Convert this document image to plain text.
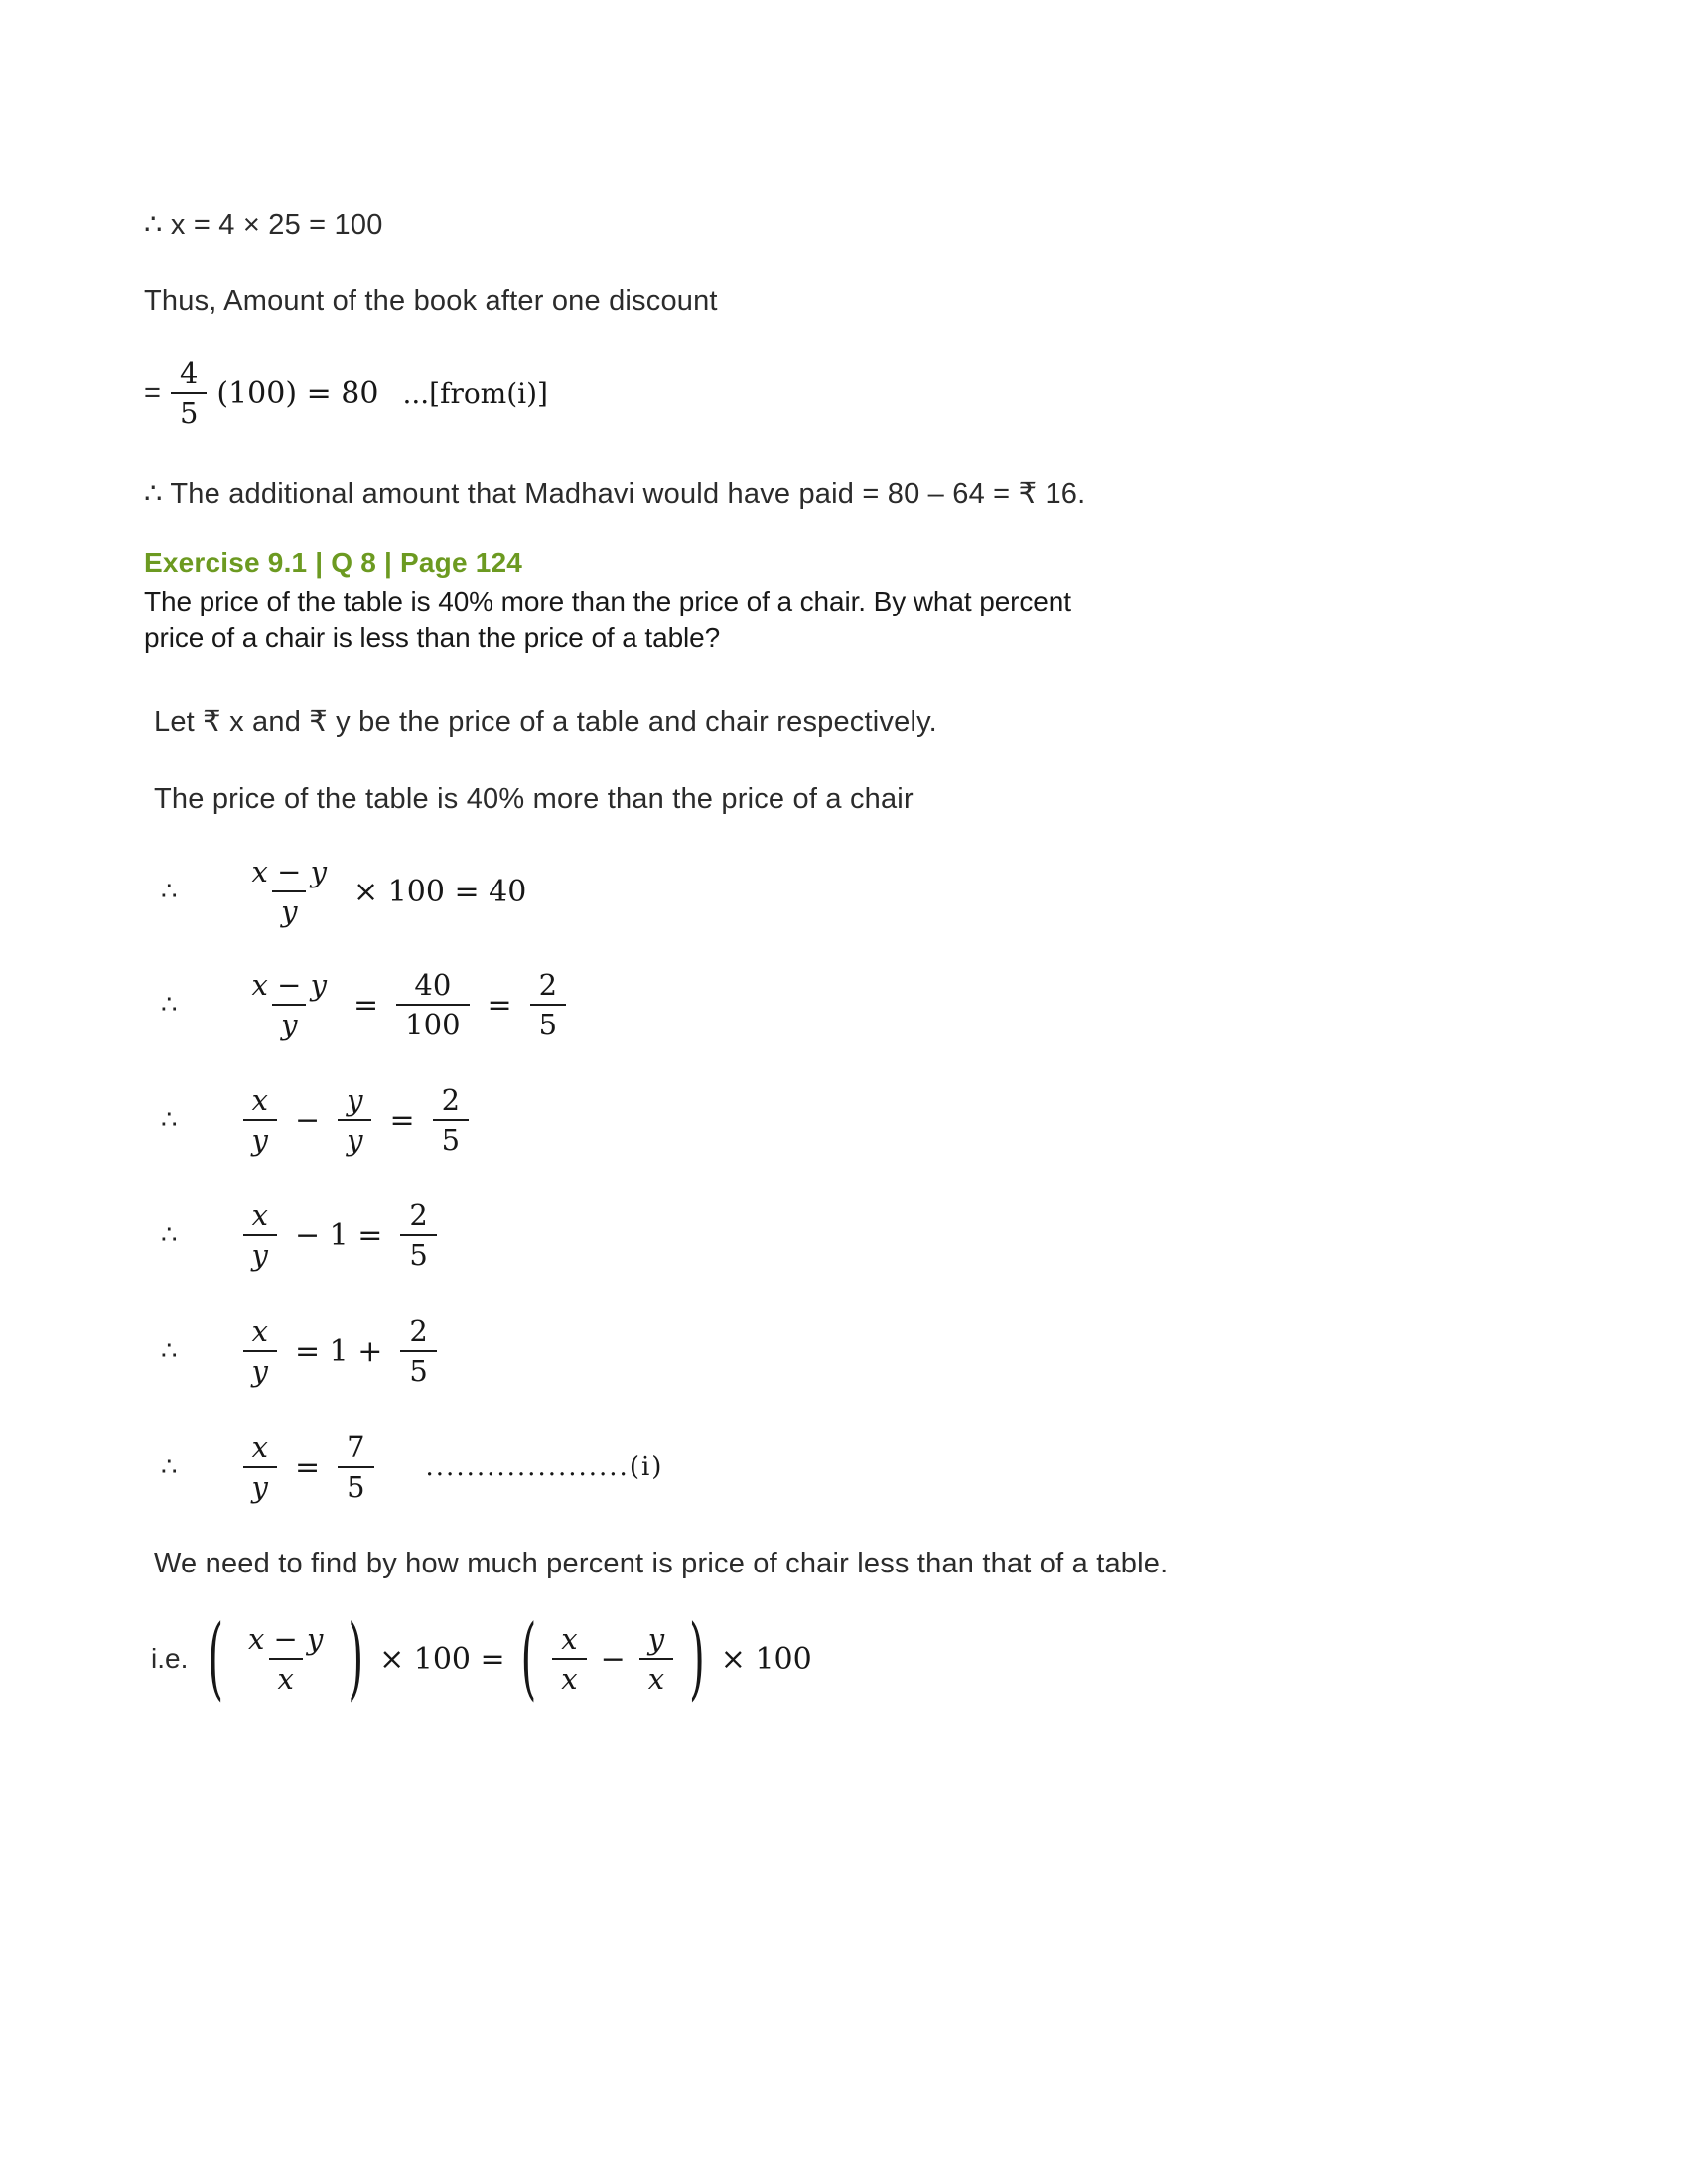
∴ x = 4 × 25 = 100

Thus, Amount of the book after one discount

= $\frac{4}{5} (100) = 80$ ...[from(i)]

∴ The additional amount that Madhavi would have paid = 80 – 64 = ₹ 16.

Exercise 9.1 | Q 8 | Page 124

The price of the table is 40% more than the price of a chair. By what percent price of a chair is less than the price of a table?

Let ₹ x and ₹ y be the price of a table and chair respectively.

The price of the table is 40% more than the price of a chair

∴ $\frac{x - y}{y} \times 100 = 40$
∴ $\frac{x - y}{y} = \frac{40}{100} = \frac{2}{5}$
∴ $\frac{x}{y} - \frac{y}{y} = \frac{2}{5}$
∴ $\frac{x}{y} - 1 = \frac{2}{5}$
∴ $\frac{x}{y} = 1 + \frac{2}{5}$
∴ $\frac{x}{y} = \frac{7}{5} ....................(i)$

We need to find by how much percent is price of chair less than that of a table.

i.e. ( $\frac{x - y}{x}$ ) × 100 = ( $\frac{x}{x} - \frac{y}{x}$ ) × 100
